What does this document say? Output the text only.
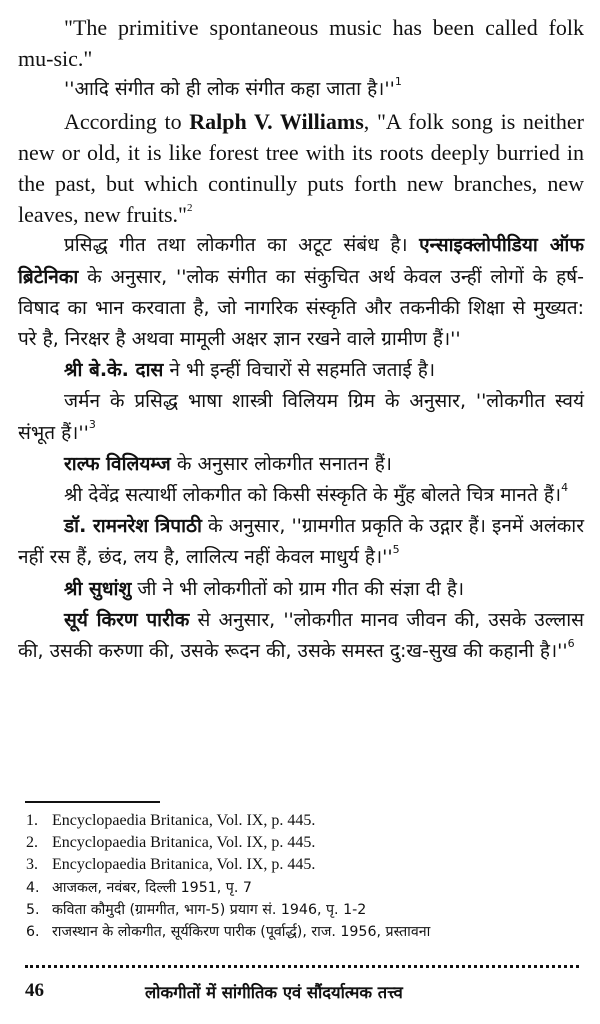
"The primitive spontaneous music has been called folk mu-sic."

''आदि संगीत को ही लोक संगीत कहा जाता $है।''^1$

According to Ralph V. Williams, "A folk song is neither new or old, it is like forest tree with its roots deeply burried in the past, but which continully puts forth new branches, new leaves, new fruits."$^2$

प्रसिद्ध गीत तथा लोकगीत का अटूट संबंध है। एन्साइक्लोपीडिया ऑफ ब्रिटेनिका के अनुसार, ''लोक संगीत का संकुचित अर्थ केवल उन्हीं लोगों के हर्ष-विषाद का भान करवाता है, जो नागरिक संस्कृति और तकनीकी शिक्षा से मुख्यत: परे है, निरक्षर है अथवा मामूली अक्षर ज्ञान रखने वाले ग्रामीण हैं।''

श्री बे.के. दास ने भी इन्हीं विचारों से सहमति जताई है।

जर्मन के प्रसिद्ध भाषा शास्त्री विलियम ग्रिम के अनुसार, ''लोकगीत स्वयं संभूत $हैं।''^3$

राल्फ विलियम्ज के अनुसार लोकगीत सनातन हैं।

श्री देवेंद्र सत्यार्थी लोकगीत को किसी संस्कृति के मुँह बोलते चित्र मानते हैं।$^4$

डॉ. रामनरेश त्रिपाठी के अनुसार, ''ग्रामगीत प्रकृति के उद्गार हैं। इनमें अलंकार नहीं रस हैं, छंद, लय है, लालित्य नहीं केवल माधुर्य $है।''^5$

श्री सुधांशु जी ने भी लोकगीतों को ग्राम गीत की संज्ञा दी है।

सूर्य किरण पारीक से अनुसार, ''लोकगीत मानव जीवन की, उसके उल्लास की, उसकी करुणा की, उसके रूदन की, उसके समस्त दु:ख-सुख की कहानी $है।''^6$

1. Encyclopaedia Britanica, Vol. IX, p. 445.
2. Encyclopaedia Britanica, Vol. IX, p. 445.
3. Encyclopaedia Britanica, Vol. IX, p. 445.
4. आजकल, नवंबर, दिल्ली 1951, पृ. 7
5. कविता कौमुदी (ग्रामगीत, भाग-5) प्रयाग सं. 1946, पृ. 1-2
6. राजस्थान के लोकगीत, सूर्यकिरण पारीक (पूर्वार्द्ध), राज. 1956, प्रस्तावना
46	लोकगीतों में सांगीतिक एवं सौंदर्यात्मक तत्त्व
